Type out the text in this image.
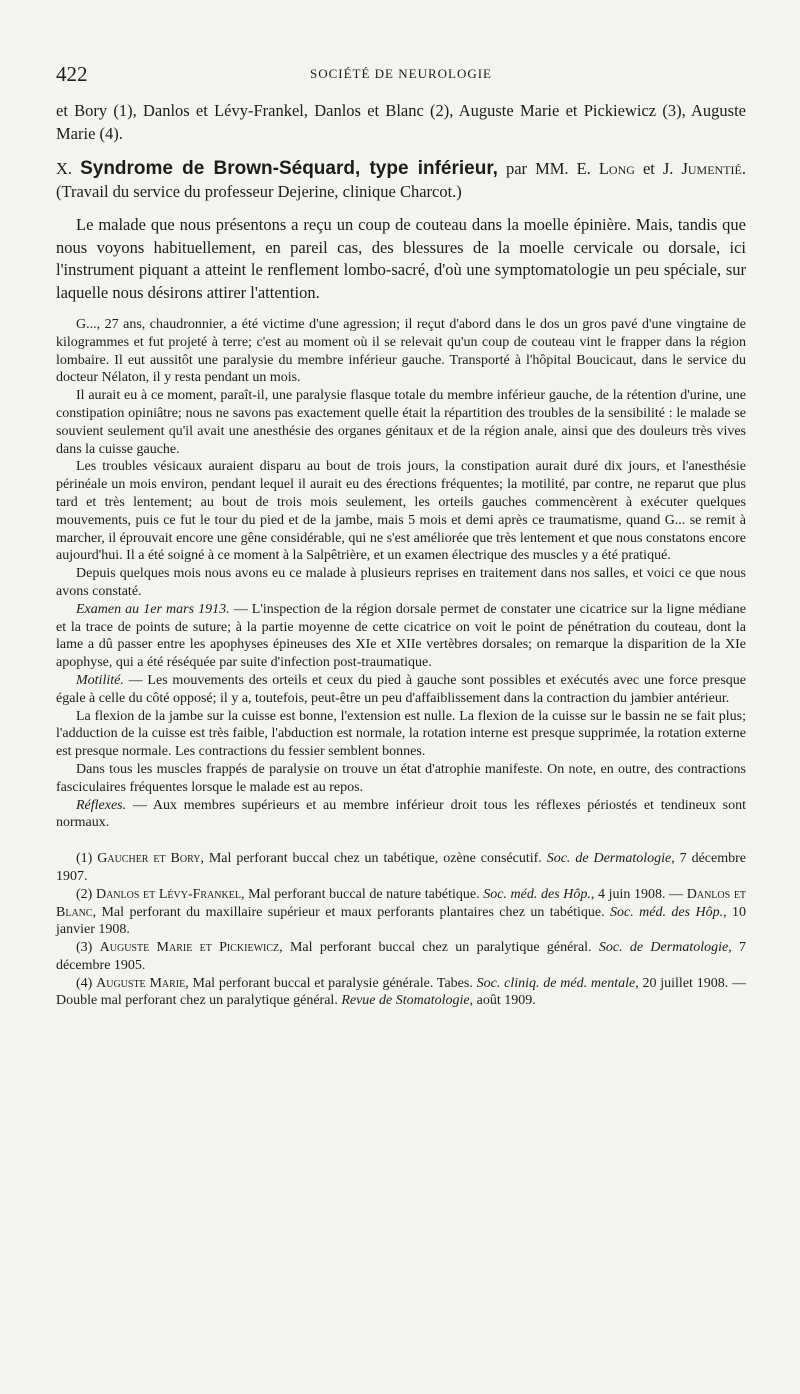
422	SOCIÉTÉ DE NEUROLOGIE

et Bory (1), Danlos et Lévy-Frankel, Danlos et Blanc (2), Auguste Marie et Pickiewicz (3), Auguste Marie (4).

X. Syndrome de Brown-Séquard, type inférieur, par MM. E. Long et J. Jumentié. (Travail du service du professeur Dejerine, clinique Charcot.)

Le malade que nous présentons a reçu un coup de couteau dans la moelle épinière. Mais, tandis que nous voyons habituellement, en pareil cas, des blessures de la moelle cervicale ou dorsale, ici l'instrument piquant a atteint le renflement lombo-sacré, d'où une symptomatologie un peu spéciale, sur laquelle nous désirons attirer l'attention.

G..., 27 ans, chaudronnier, a été victime d'une agression; il reçut d'abord dans le dos un gros pavé d'une vingtaine de kilogrammes et fut projeté à terre; c'est au moment où il se relevait qu'un coup de couteau vint le frapper dans la région lombaire. Il eut aussitôt une paralysie du membre inférieur gauche. Transporté à l'hôpital Boucicaut, dans le service du docteur Nélaton, il y resta pendant un mois.

Il aurait eu à ce moment, paraît-il, une paralysie flasque totale du membre inférieur gauche, de la rétention d'urine, une constipation opiniâtre; nous ne savons pas exactement quelle était la répartition des troubles de la sensibilité : le malade se souvient seulement qu'il avait une anesthésie des organes génitaux et de la région anale, ainsi que des douleurs très vives dans la cuisse gauche.

Les troubles vésicaux auraient disparu au bout de trois jours, la constipation aurait duré dix jours, et l'anesthésie périnéale un mois environ, pendant lequel il aurait eu des érections fréquentes; la motilité, par contre, ne reparut que plus tard et très lentement; au bout de trois mois seulement, les orteils gauches commencèrent à exécuter quelques mouvements, puis ce fut le tour du pied et de la jambe, mais 5 mois et demi après ce traumatisme, quand G... se remit à marcher, il éprouvait encore une gêne considérable, qui ne s'est améliorée que très lentement et que nous constatons encore aujourd'hui. Il a été soigné à ce moment à la Salpêtrière, et un examen électrique des muscles y a été pratiqué.

Depuis quelques mois nous avons eu ce malade à plusieurs reprises en traitement dans nos salles, et voici ce que nous avons constaté.

Examen au 1er mars 1913. — L'inspection de la région dorsale permet de constater une cicatrice sur la ligne médiane et la trace de points de suture; à la partie moyenne de cette cicatrice on voit le point de pénétration du couteau, dont la lame a dû passer entre les apophyses épineuses des XIe et XIIe vertèbres dorsales; on remarque la disparition de la XIe apophyse, qui a été réséquée par suite d'infection post-traumatique.

Motilité. — Les mouvements des orteils et ceux du pied à gauche sont possibles et exécutés avec une force presque égale à celle du côté opposé; il y a, toutefois, peut-être un peu d'affaiblissement dans la contraction du jambier antérieur.

La flexion de la jambe sur la cuisse est bonne, l'extension est nulle. La flexion de la cuisse sur le bassin ne se fait plus; l'adduction de la cuisse est très faible, l'abduction est normale, la rotation interne est presque supprimée, la rotation externe est presque normale. Les contractions du fessier semblent bonnes.

Dans tous les muscles frappés de paralysie on trouve un état d'atrophie manifeste. On note, en outre, des contractions fasciculaires fréquentes lorsque le malade est au repos.

Réflexes. — Aux membres supérieurs et au membre inférieur droit tous les réflexes périostés et tendineux sont normaux.

(1) Gaucher et Bory, Mal perforant buccal chez un tabétique, ozène consécutif. Soc. de Dermatologie, 7 décembre 1907.

(2) Danlos et Lévy-Frankel, Mal perforant buccal de nature tabétique. Soc. méd. des Hôp., 4 juin 1908. — Danlos et Blanc, Mal perforant du maxillaire supérieur et maux perforants plantaires chez un tabétique. Soc. méd. des Hôp., 10 janvier 1908.

(3) Auguste Marie et Pickiewicz, Mal perforant buccal chez un paralytique général. Soc. de Dermatologie, 7 décembre 1905.

(4) Auguste Marie, Mal perforant buccal et paralysie générale. Tabes. Soc. cliniq. de méd. mentale, 20 juillet 1908. — Double mal perforant chez un paralytique général. Revue de Stomatologie, août 1909.
